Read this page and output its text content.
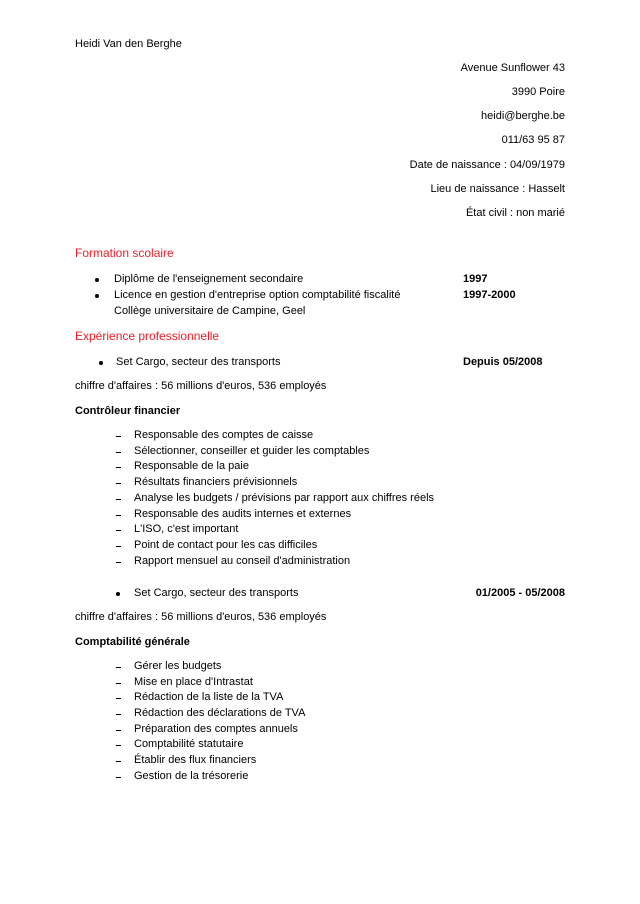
Heidi Van den Berghe
Avenue Sunflower 43
3990 Poire
heidi@berghe.be
011/63 95 87
Date de naissance : 04/09/1979
Lieu de naissance : Hasselt
État civil : non marié
Formation scolaire
Diplôme de l'enseignement secondaire	1997
Licence en gestion d'entreprise option comptabilité fiscalité	1997-2000
Collège universitaire de Campine, Geel
Expérience professionnelle
Set Cargo, secteur des transports	Depuis 05/2008
chiffre d'affaires : 56 millions d'euros, 536 employés
Contrôleur financier
Responsable des comptes de caisse
Sélectionner, conseiller et guider les comptables
Responsable de la paie
Résultats financiers prévisionnels
Analyse les budgets / prévisions par rapport aux chiffres réels
Responsable des audits internes et externes
L'ISO, c'est important
Point de contact pour les cas difficiles
Rapport mensuel au conseil d'administration
Set Cargo, secteur des transports	01/2005 - 05/2008
chiffre d'affaires : 56 millions d'euros, 536 employés
Comptabilité générale
Gérer les budgets
Mise en place d'Intrastat
Rédaction de la liste de la TVA
Rédaction des déclarations de TVA
Préparation des comptes annuels
Comptabilité statutaire
Établir des flux financiers
Gestion de la trésorerie
